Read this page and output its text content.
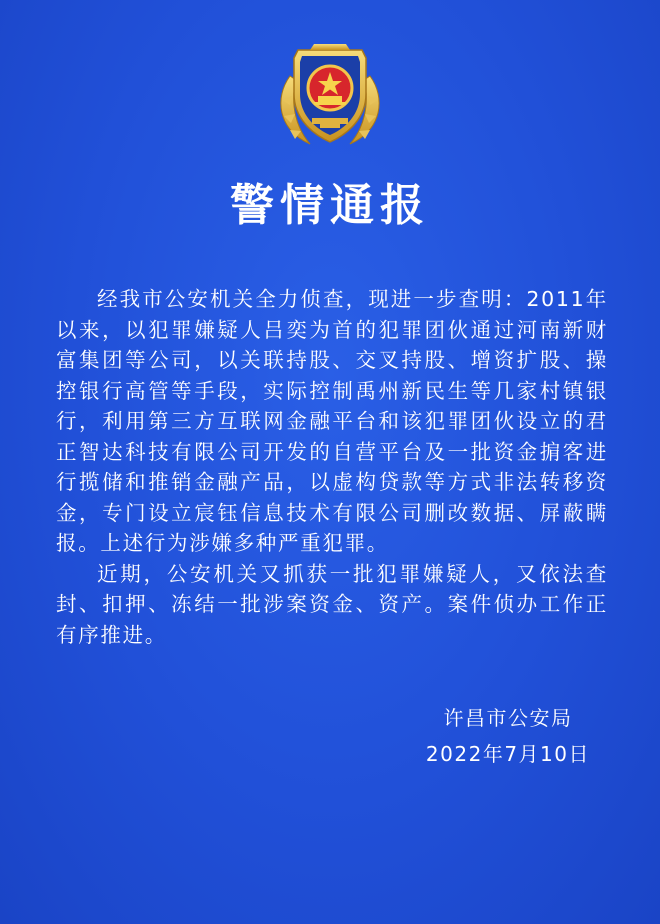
警情通报

经我市公安机关全力侦查，现进一步查明：2011年以来，以犯罪嫌疑人吕奕为首的犯罪团伙通过河南新财富集团等公司，以关联持股、交叉持股、增资扩股、操控银行高管等手段，实际控制禹州新民生等几家村镇银行，利用第三方互联网金融平台和该犯罪团伙设立的君正智达科技有限公司开发的自营平台及一批资金掮客进行揽储和推销金融产品，以虚构贷款等方式非法转移资金，专门设立宸钰信息技术有限公司删改数据、屏蔽瞒报。上述行为涉嫌多种严重犯罪。

近期，公安机关又抓获一批犯罪嫌疑人，又依法查封、扣押、冻结一批涉案资金、资产。案件侦办工作正有序推进。

许昌市公安局
2022年7月10日
